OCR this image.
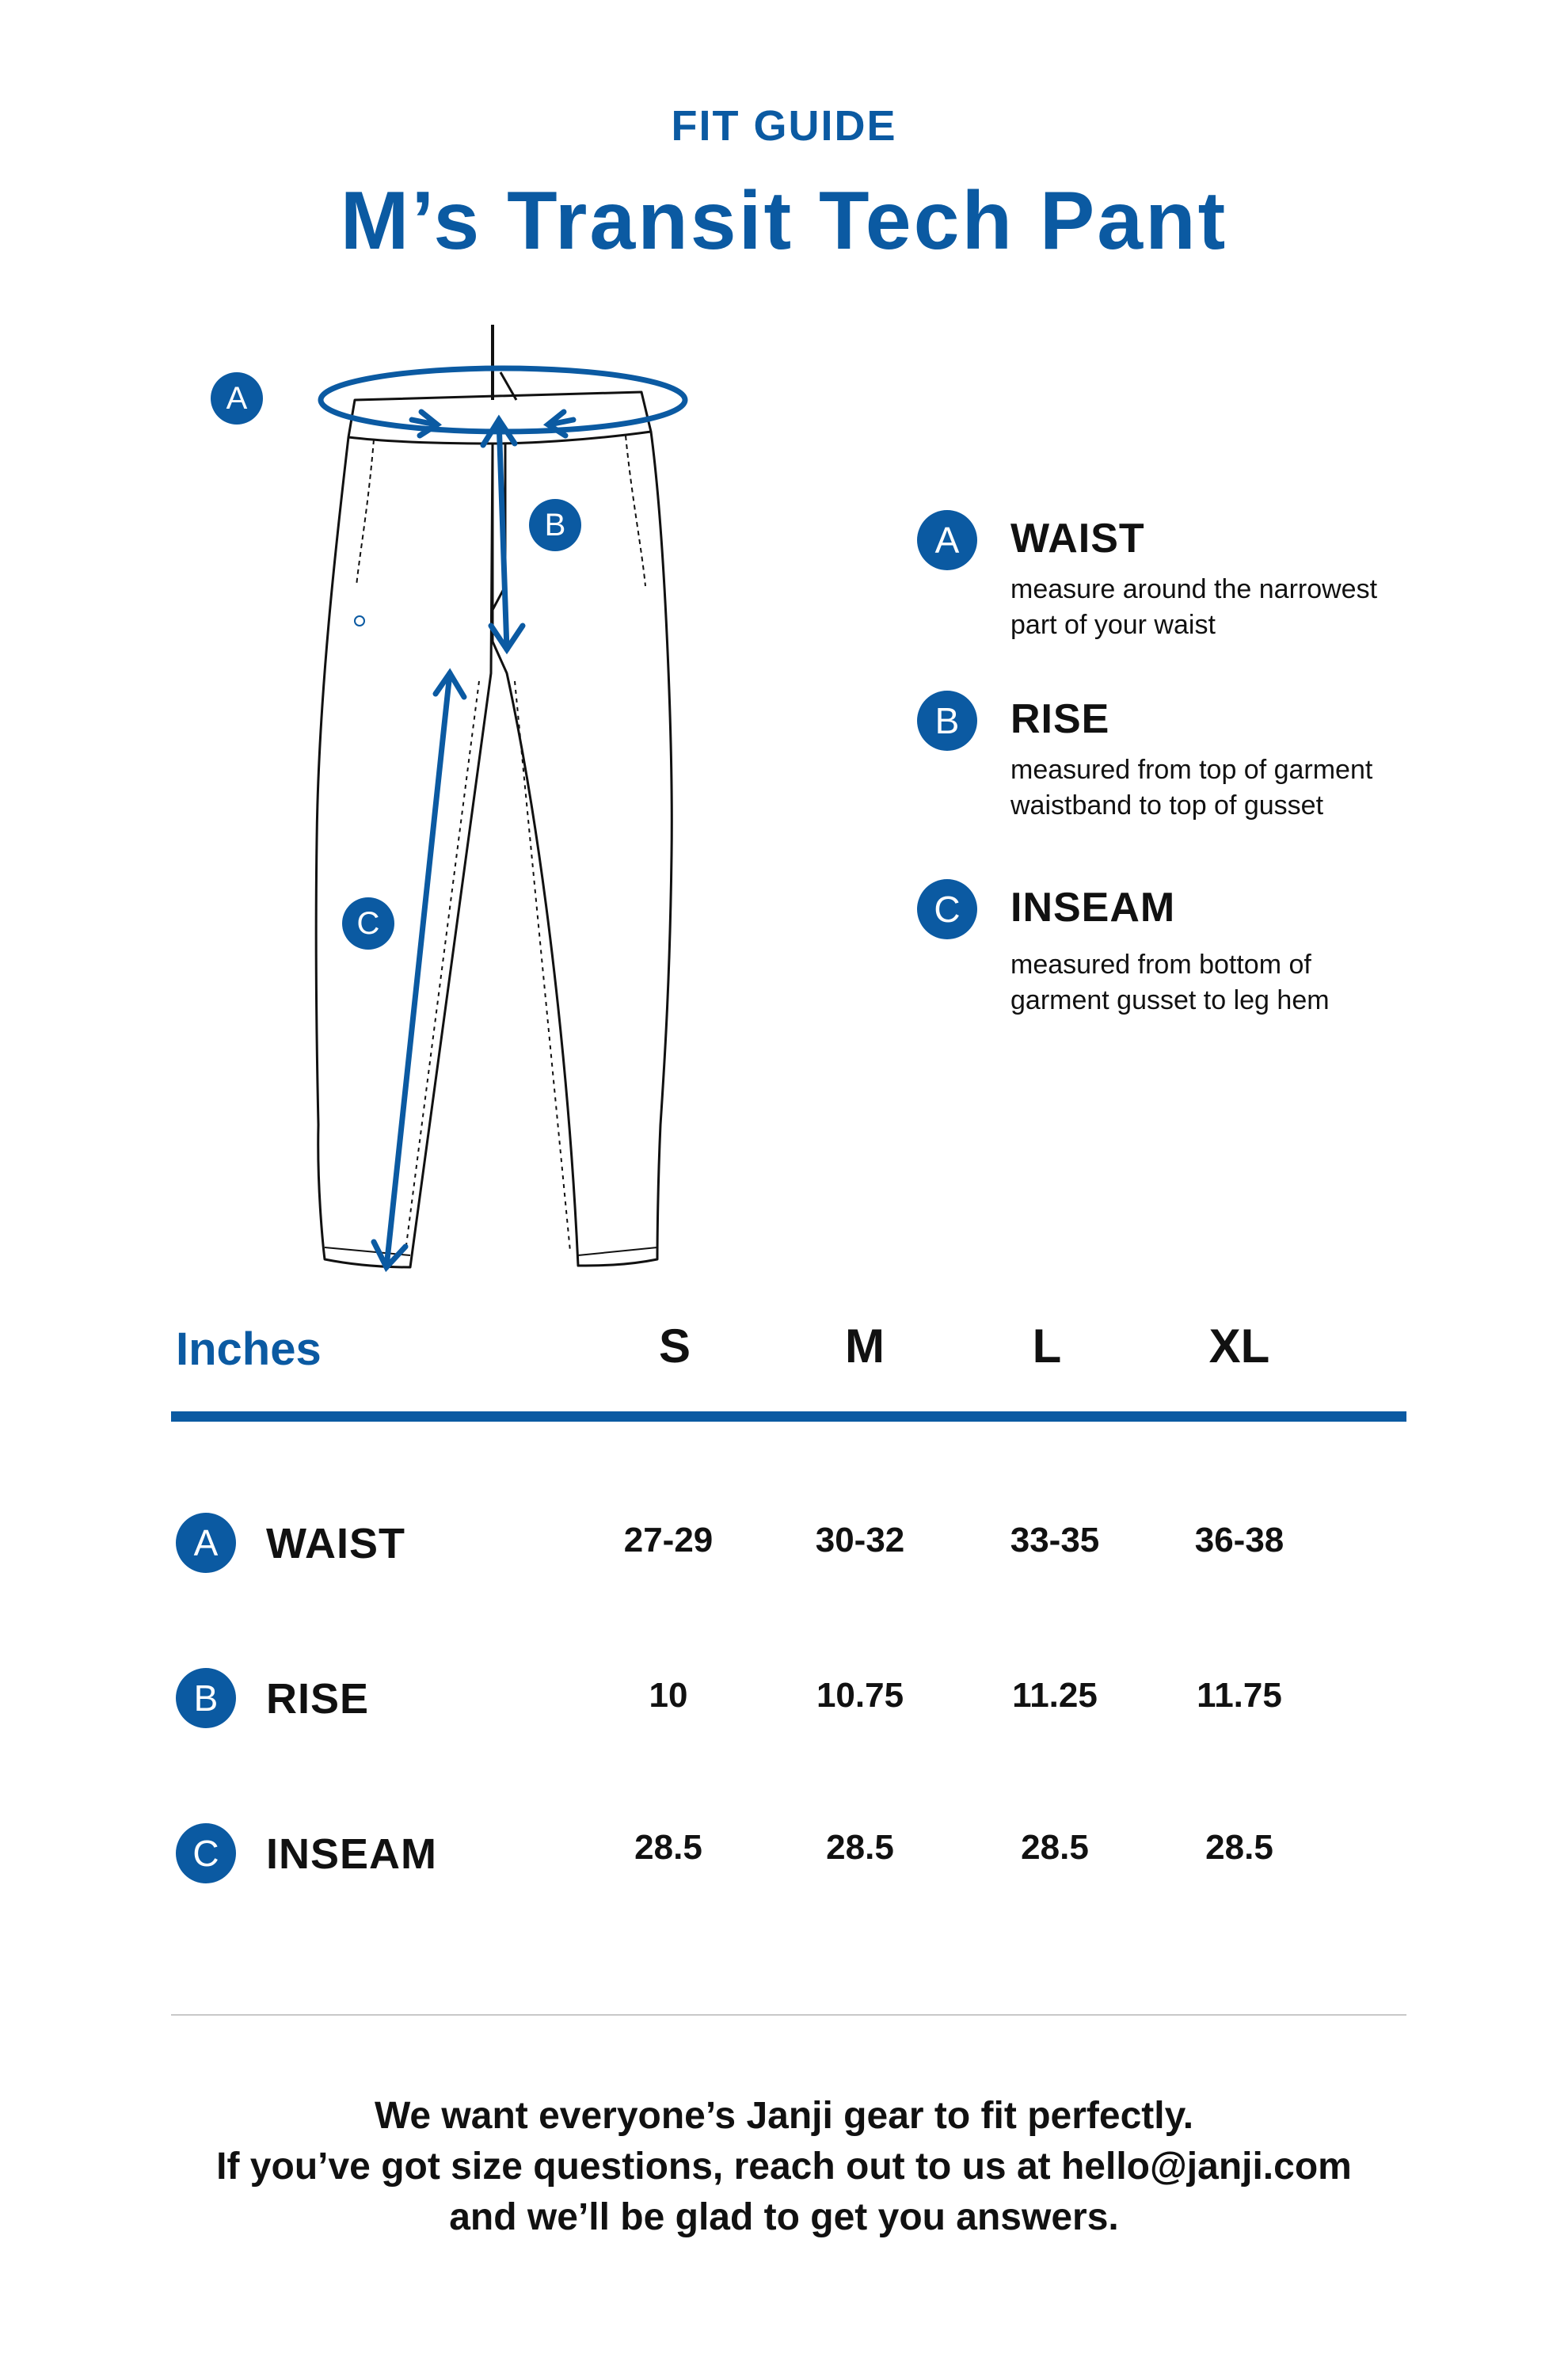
FIT GUIDE
M’s Transit Tech Pant
A
B
C
A	WAIST
measure around the narrowest
part of your waist
B	RISE
measured from top of garment
waistband to top of gusset
C	INSEAM
measured from bottom of
garment gusset to leg hem
Inches	S	M	L	XL
A	WAIST	27-29	30-32	33-35	36-38
B	RISE	10	10.75	11.25	11.75
C	INSEAM	28.5	28.5	28.5	28.5
We want everyone’s Janji gear to fit perfectly.
If you’ve got size questions, reach out to us at hello@janji.com
and we’ll be glad to get you answers.
